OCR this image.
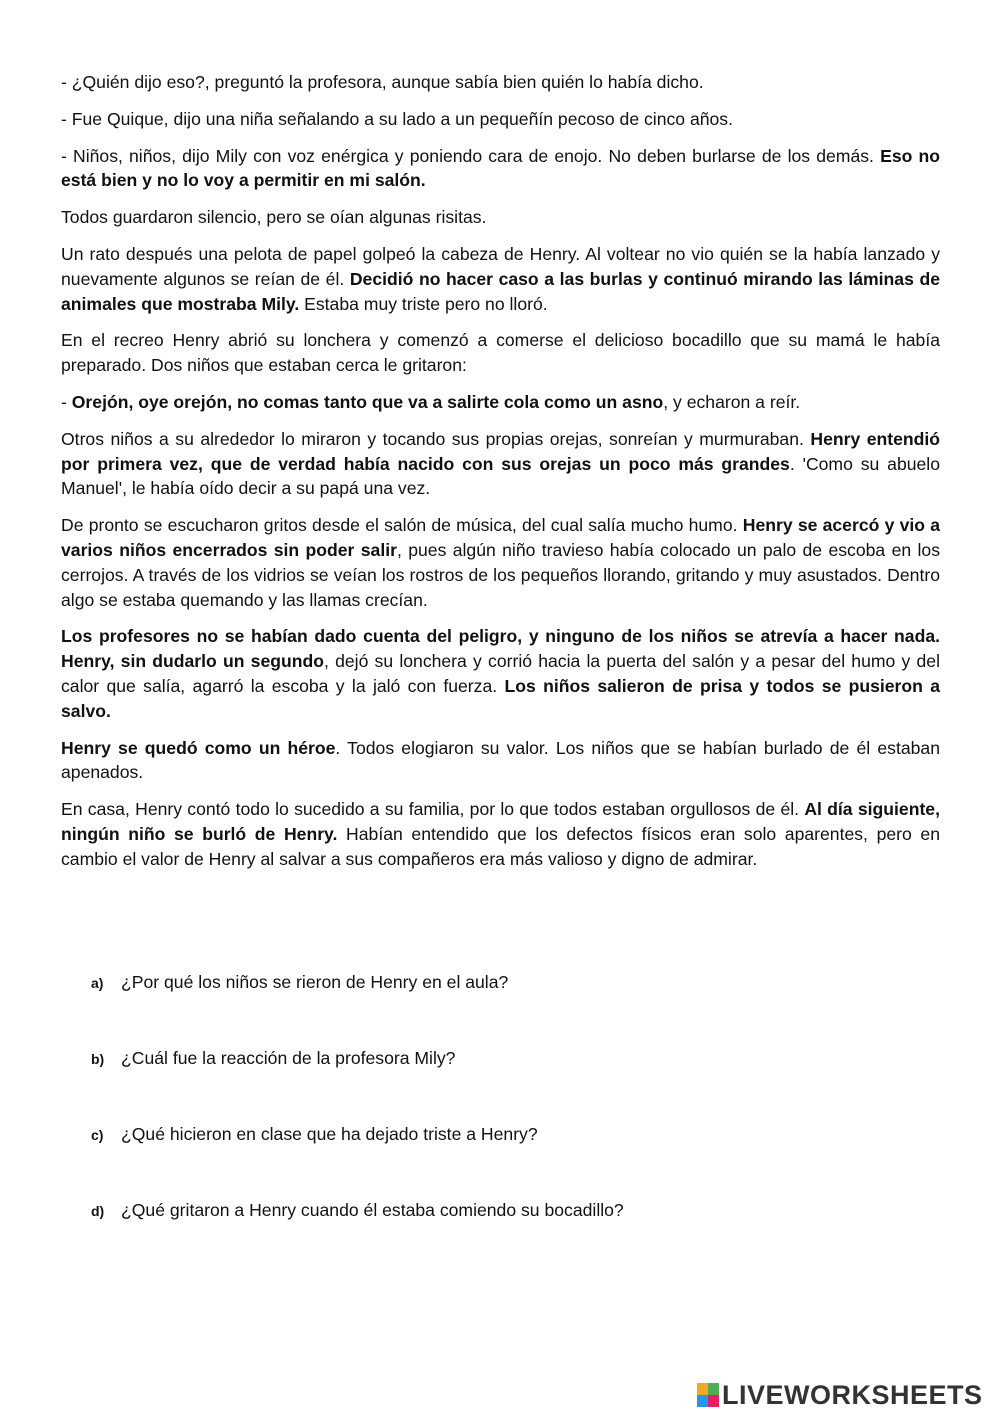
- ¿Quién dijo eso?, preguntó la profesora, aunque sabía bien quién lo había dicho.

- Fue Quique, dijo una niña señalando a su lado a un pequeñín pecoso de cinco años.

- Niños, niños, dijo Mily con voz enérgica y poniendo cara de enojo. No deben burlarse de los demás. Eso no está bien y no lo voy a permitir en mi salón.

Todos guardaron silencio, pero se oían algunas risitas.

Un rato después una pelota de papel golpeó la cabeza de Henry. Al voltear no vio quién se la había lanzado y nuevamente algunos se reían de él. Decidió no hacer caso a las burlas y continuó mirando las láminas de animales que mostraba Mily. Estaba muy triste pero no lloró.

En el recreo Henry abrió su lonchera y comenzó a comerse el delicioso bocadillo que su mamá le había preparado. Dos niños que estaban cerca le gritaron:

- Orejón, oye orejón, no comas tanto que va a salirte cola como un asno, y echaron a reír.

Otros niños a su alrededor lo miraron y tocando sus propias orejas, sonreían y murmuraban. Henry entendió por primera vez, que de verdad había nacido con sus orejas un poco más grandes. 'Como su abuelo Manuel', le había oído decir a su papá una vez.

De pronto se escucharon gritos desde el salón de música, del cual salía mucho humo. Henry se acercó y vio a varios niños encerrados sin poder salir, pues algún niño travieso había colocado un palo de escoba en los cerrojos. A través de los vidrios se veían los rostros de los pequeños llorando, gritando y muy asustados. Dentro algo se estaba quemando y las llamas crecían.

Los profesores no se habían dado cuenta del peligro, y ninguno de los niños se atrevía a hacer nada. Henry, sin dudarlo un segundo, dejó su lonchera y corrió hacia la puerta del salón y a pesar del humo y del calor que salía, agarró la escoba y la jaló con fuerza. Los niños salieron de prisa y todos se pusieron a salvo.

Henry se quedó como un héroe. Todos elogiaron su valor. Los niños que se habían burlado de él estaban apenados.

En casa, Henry contó todo lo sucedido a su familia, por lo que todos estaban orgullosos de él. Al día siguiente, ningún niño se burló de Henry. Habían entendido que los defectos físicos eran solo aparentes, pero en cambio el valor de Henry al salvar a sus compañeros era más valioso y digno de admirar.

a) ¿Por qué los niños se rieron de Henry en el aula?
b) ¿Cuál fue la reacción de la profesora Mily?
c) ¿Qué hicieron en clase que ha dejado triste a Henry?
d) ¿Qué gritaron a Henry cuando él estaba comiendo su bocadillo?
LIVEWORKSHEETS
